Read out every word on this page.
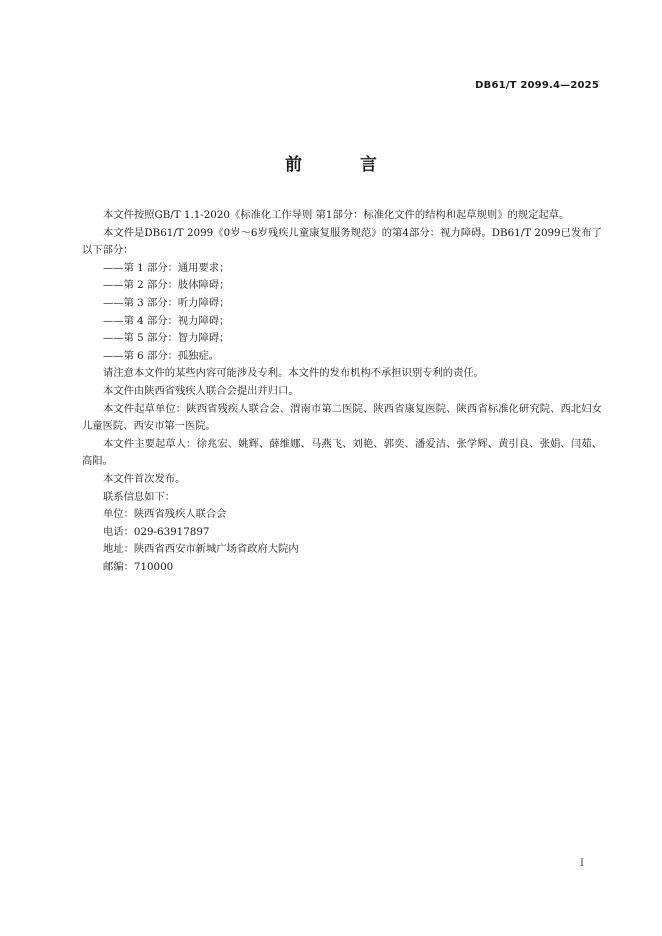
DB61/T 2099.4—2025
前 言

本文件按照GB/T 1.1-2020《标准化工作导则 第1部分：标准化文件的结构和起草规则》的规定起草。

本文件是DB61/T 2099《0岁～6岁残疾儿童康复服务规范》的第4部分：视力障碍。DB61/T 2099已发布了以下部分：

——第 1 部分：通用要求；

——第 2 部分：肢体障碍；

——第 3 部分：听力障碍；

——第 4 部分：视力障碍；

——第 5 部分：智力障碍；

——第 6 部分：孤独症。

请注意本文件的某些内容可能涉及专利。本文件的发布机构不承担识别专利的责任。

本文件由陕西省残疾人联合会提出并归口。

本文件起草单位：陕西省残疾人联合会、渭南市第二医院、陕西省康复医院、陕西省标准化研究院、西北妇女儿童医院、西安市第一医院。

本文件主要起草人：徐兆宏、姚辉、薛维娜、马燕飞、刘艳、郭奕、潘爱洁、张学辉、黄引良、张娟、闫茹、高阳。

本文件首次发布。

联系信息如下：

单位：陕西省残疾人联合会

电话：029-63917897

地址：陕西省西安市新城广场省政府大院内

邮编：710000

I
